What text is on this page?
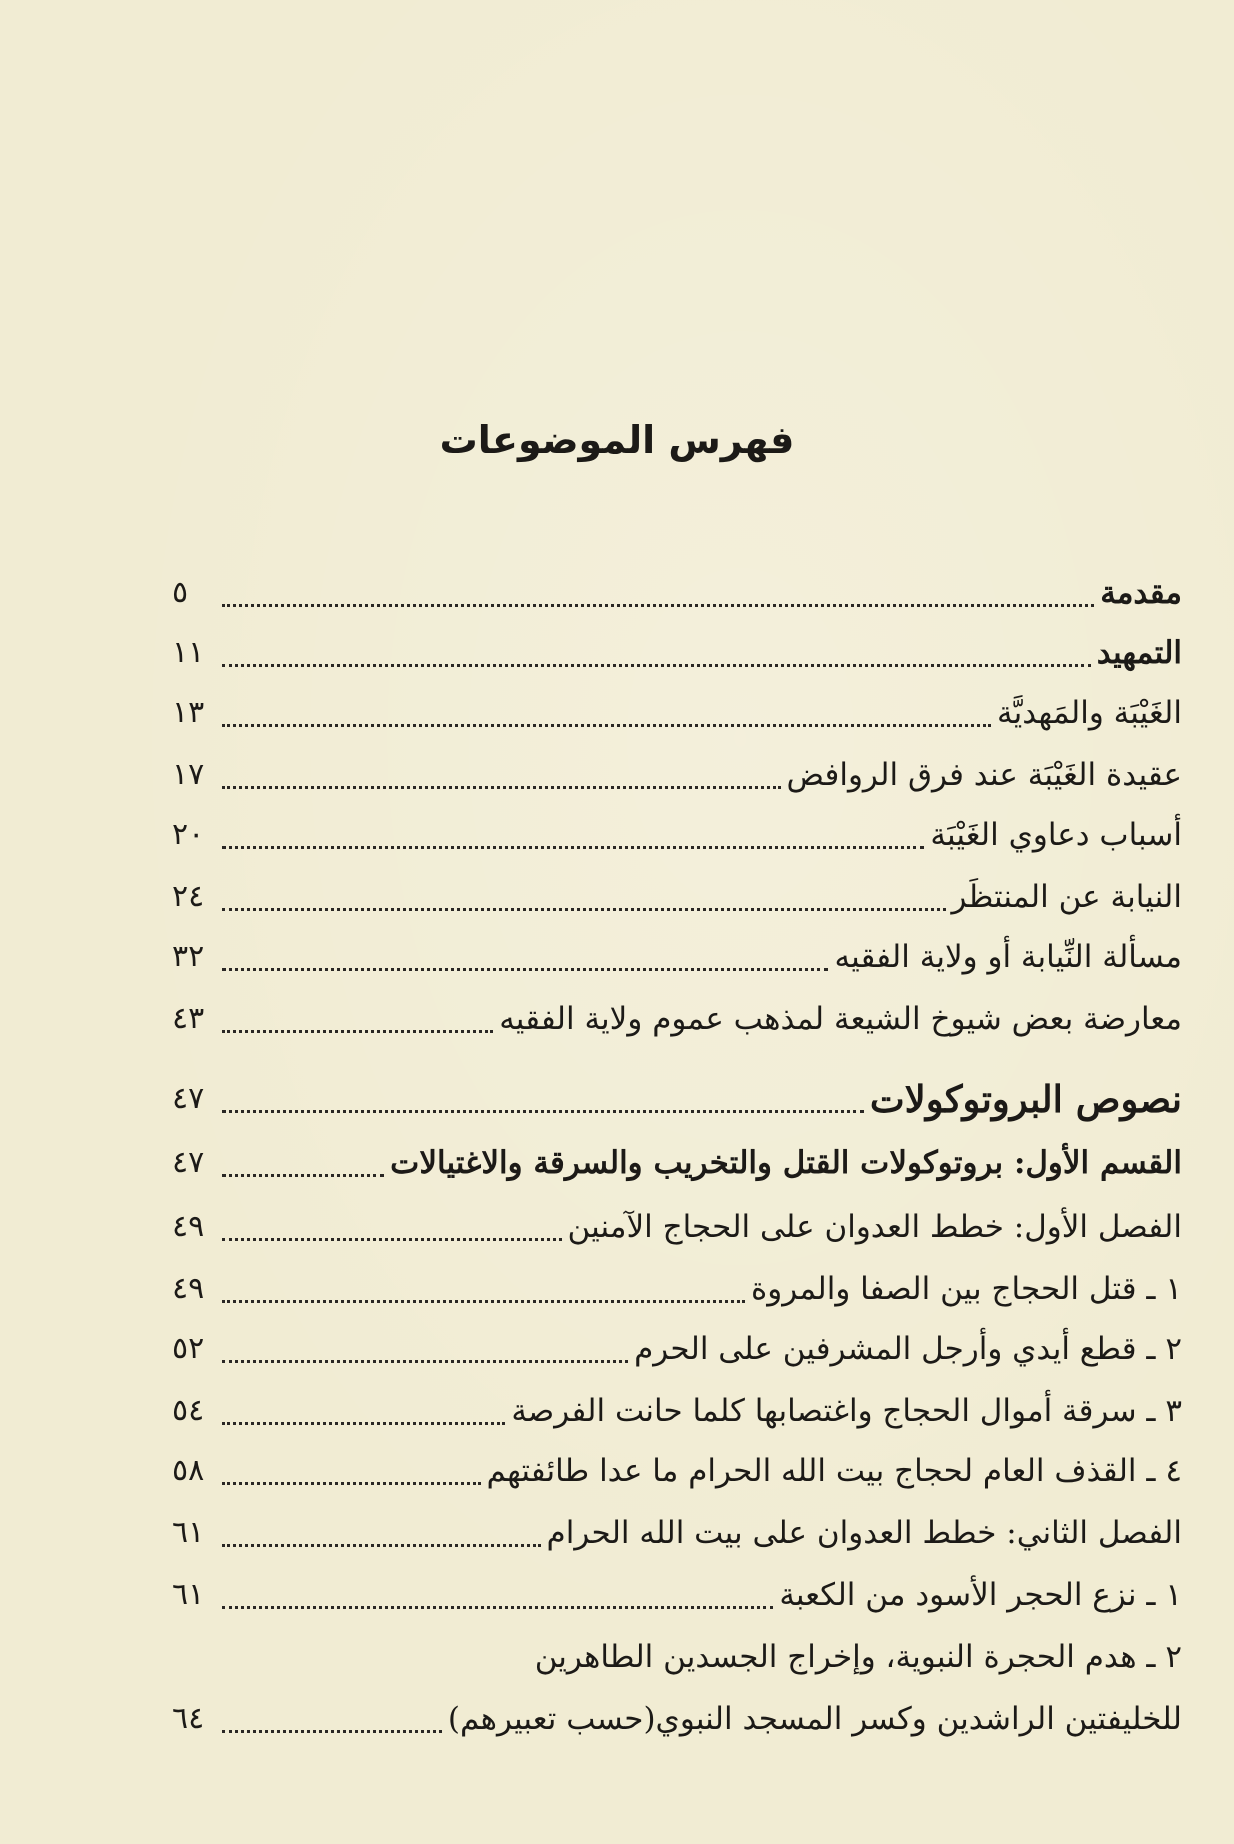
فهرس الموضوعات
مقدمة
٥
التمهيد
١١
الغَيْبَة والمَهديَّة
١٣
عقيدة الغَيْبَة عند فرق الروافض
١٧
أسباب دعاوي الغَيْبَة
٢٠
النيابة عن المنتظَر
٢٤
مسألة النِّيابة أو ولاية الفقيه
٣٢
معارضة بعض شيوخ الشيعة لمذهب عموم ولاية الفقيه
٤٣
نصوص البروتوكولات
٤٧
القسم الأول: بروتوكولات القتل والتخريب والسرقة والاغتيالات
٤٧
الفصل الأول: خطط العدوان على الحجاج الآمنين
٤٩
١ ـ قتل الحجاج بين الصفا والمروة
٤٩
٢ ـ قطع أيدي وأرجل المشرفين على الحرم
٥٢
٣ ـ سرقة أموال الحجاج واغتصابها كلما حانت الفرصة
٥٤
٤ ـ القذف العام لحجاج بيت الله الحرام ما عدا طائفتهم
٥٨
الفصل الثاني: خطط العدوان على بيت الله الحرام
٦١
١ ـ نزع الحجر الأسود من الكعبة
٦١
٢ ـ هدم الحجرة النبوية، وإخراج الجسدين الطاهرين
للخليفتين الراشدين وكسر المسجد النبوي(حسب تعبيرهم)
٦٤
